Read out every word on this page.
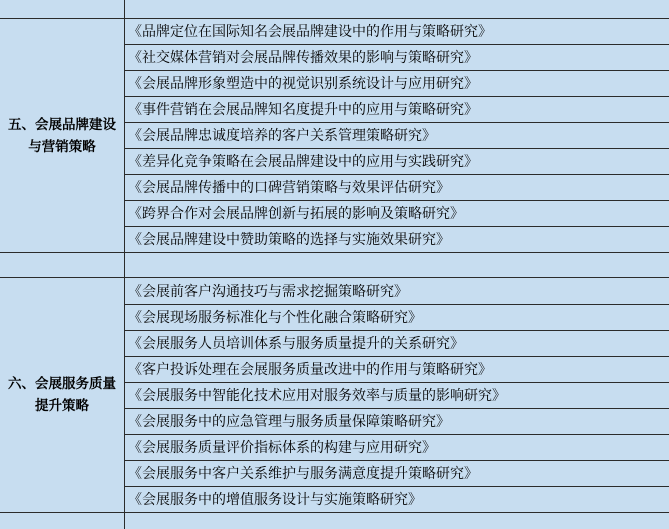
五、会展品牌建设与营销策略
《品牌定位在国际知名会展品牌建设中的作用与策略研究》
《社交媒体营销对会展品牌传播效果的影响与策略研究》
《会展品牌形象塑造中的视觉识别系统设计与应用研究》
《事件营销在会展品牌知名度提升中的应用与策略研究》
《会展品牌忠诚度培养的客户关系管理策略研究》
《差异化竞争策略在会展品牌建设中的应用与实践研究》
《会展品牌传播中的口碑营销策略与效果评估研究》
《跨界合作对会展品牌创新与拓展的影响及策略研究》
《会展品牌建设中赞助策略的选择与实施效果研究》
六、会展服务质量提升策略
《会展前客户沟通技巧与需求挖掘策略研究》
《会展现场服务标准化与个性化融合策略研究》
《会展服务人员培训体系与服务质量提升的关系研究》
《客户投诉处理在会展服务质量改进中的作用与策略研究》
《会展服务中智能化技术应用对服务效率与质量的影响研究》
《会展服务中的应急管理与服务质量保障策略研究》
《会展服务质量评价指标体系的构建与应用研究》
《会展服务中客户关系维护与服务满意度提升策略研究》
《会展服务中的增值服务设计与实施策略研究》
